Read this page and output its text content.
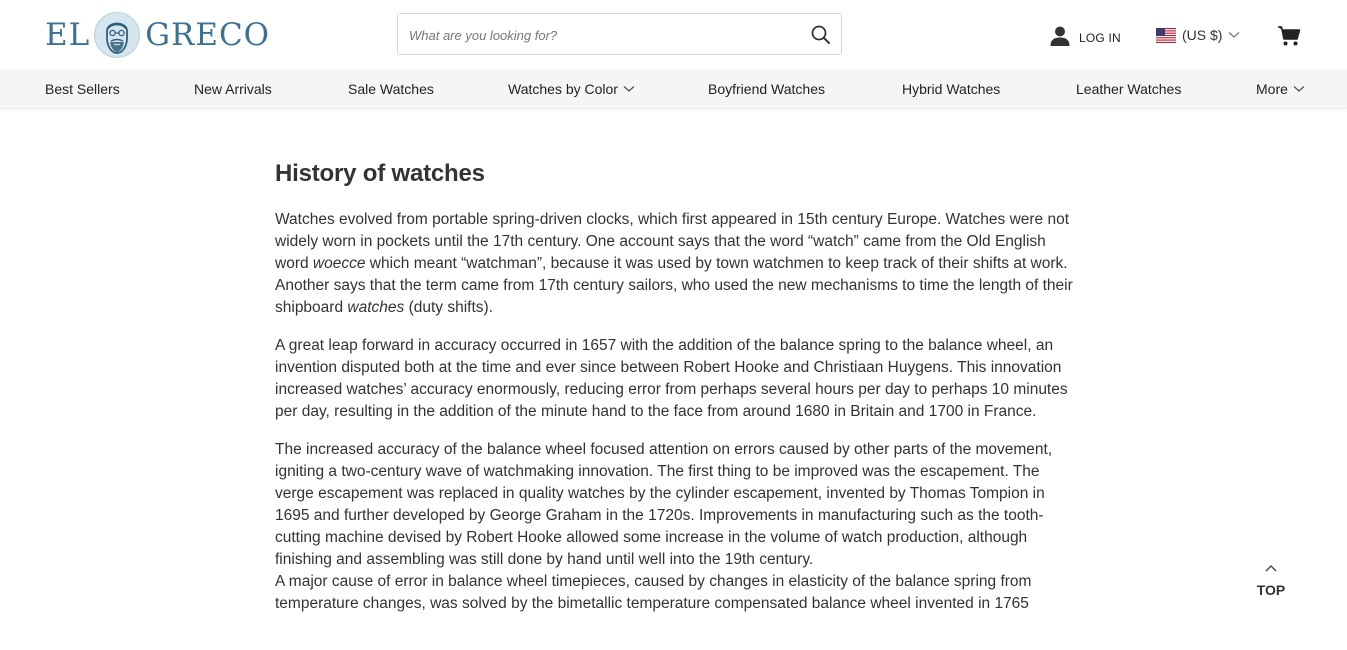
EL GRECO
What are you looking for?	LOG IN	(US $)
Best Sellers	New Arrivals	Sale Watches	Watches by Color	Boyfriend Watches	Hybrid Watches	Leather Watches	More
History of watches

Watches evolved from portable spring-driven clocks, which first appeared in 15th century Europe. Watches were not widely worn in pockets until the 17th century. One account says that the word “watch” came from the Old English word woecce which meant “watchman”, because it was used by town watchmen to keep track of their shifts at work. Another says that the term came from 17th century sailors, who used the new mechanisms to time the length of their shipboard watches (duty shifts).

A great leap forward in accuracy occurred in 1657 with the addition of the balance spring to the balance wheel, an invention disputed both at the time and ever since between Robert Hooke and Christiaan Huygens. This innovation increased watches’ accuracy enormously, reducing error from perhaps several hours per day to perhaps 10 minutes per day, resulting in the addition of the minute hand to the face from around 1680 in Britain and 1700 in France.

The increased accuracy of the balance wheel focused attention on errors caused by other parts of the movement, igniting a two-century wave of watchmaking innovation. The first thing to be improved was the escapement. The verge escapement was replaced in quality watches by the cylinder escapement, invented by Thomas Tompion in 1695 and further developed by George Graham in the 1720s. Improvements in manufacturing such as the tooth-cutting machine devised by Robert Hooke allowed some increase in the volume of watch production, although finishing and assembling was still done by hand until well into the 19th century.

A major cause of error in balance wheel timepieces, caused by changes in elasticity of the balance spring from temperature changes, was solved by the bimetallic temperature compensated balance wheel invented in 1765

TOP
